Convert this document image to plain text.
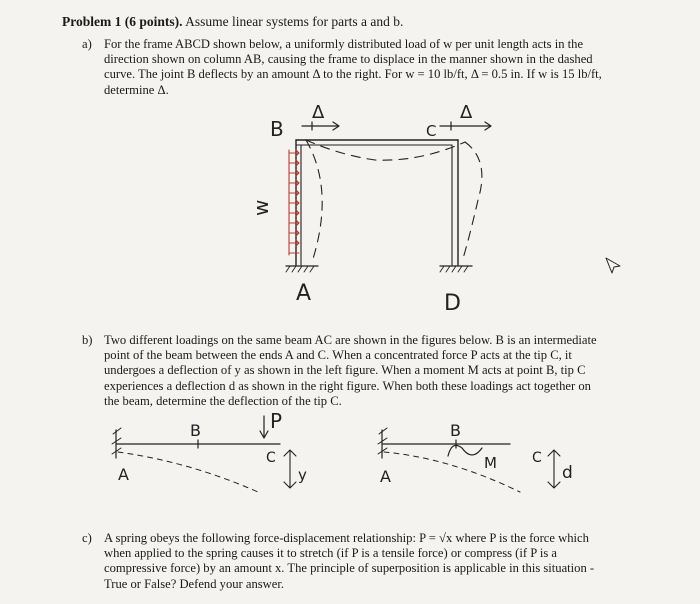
Problem 1 (6 points). Assume linear systems for parts a and b.
a) For the frame ABCD shown below, a uniformly distributed load of w per unit length acts in the
direction shown on column AB, causing the frame to displace in the manner shown in the dashed
curve. The joint B deflects by an amount Δ to the right. For w = 10 lb/ft, Δ = 0.5 in. If w is 15 lb/ft,
determine Δ.
b) Two different loadings on the same beam AC are shown in the figures below. B is an intermediate
point of the beam between the ends A and C. When a concentrated force P acts at the tip C, it
undergoes a deflection of y as shown in the left figure. When a moment M acts at point B, tip C
experiences a deflection d as shown in the right figure. When both these loadings act together on
the beam, determine the deflection of the tip C.
c) A spring obeys the following force-displacement relationship: P = √x where P is the force which
when applied to the spring causes it to stretch (if P is a tensile force) or compress (if P is a
compressive force) by an amount x. The principle of superposition is applicable in this situation -
True or False? Defend your answer.
B
Δ
C
Δ
w
A	D
A
B	P
C
y	A
B
M	C
d
